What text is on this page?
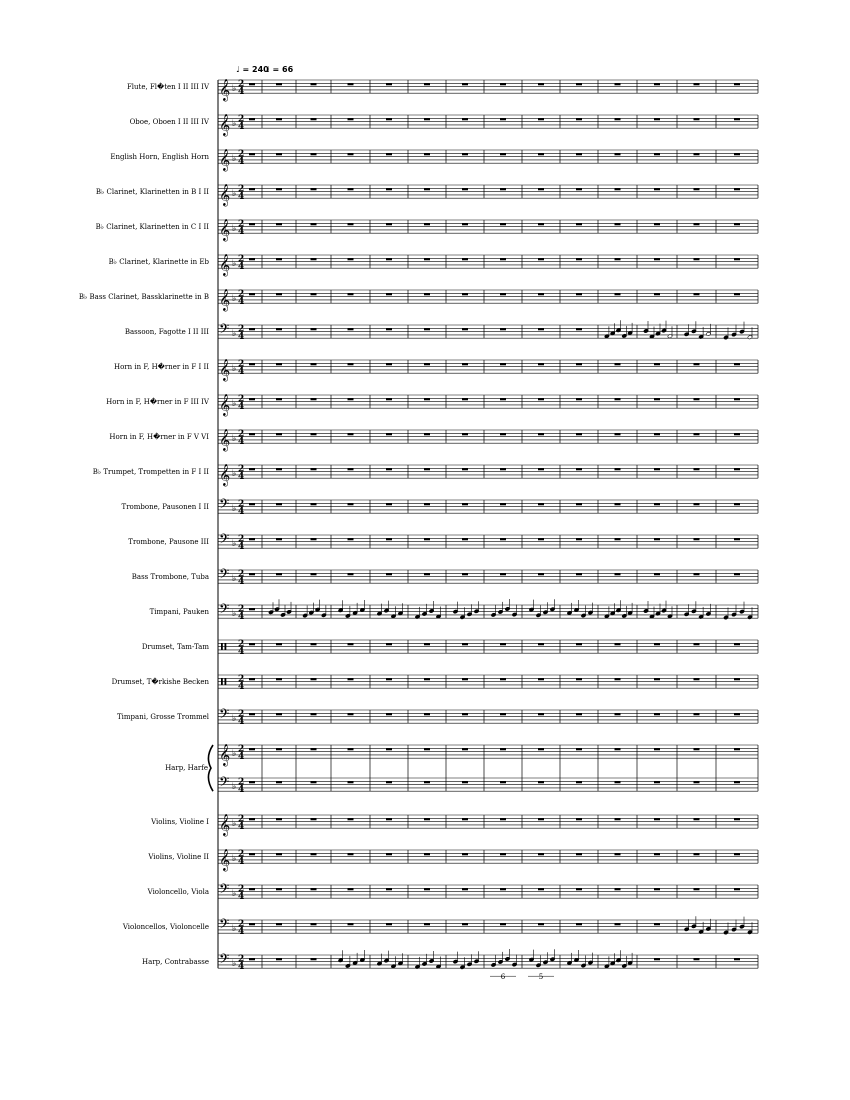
♩ = 240
♩ = 66
Flute, Fl�ten I II III IV 𝄞 ♭ 2
4
Oboe, Oboen I II III IV 𝄞 ♭ 2
4
English Horn, English Horn 𝄞 ♭ 2
4
B♭ Clarinet, Klarinetten in B I II 𝄞 ♭ 2
4
B♭ Clarinet, Klarinetten in C I II 𝄞 ♭ 2
4
B♭ Clarinet, Klarinette in Eb 𝄞 ♭ 2
4
B♭ Bass Clarinet, Bassklarinette in B 𝄞 ♭ 2
4
Bassoon, Fagotte I II III 𝄢 ♭ 2
4
Horn in F, H�rner in F I II 𝄞 ♭ 2
4
Horn in F, H�rner in F III IV 𝄞 ♭ 2
4
Horn in F, H�rner in F V VI 𝄞 ♭ 2
4
B♭ Trumpet, Trompetten in F I II 𝄞 ♭ 2
4
Trombone, Pausonen I II 𝄢 ♭ 2
4
Trombone, Pausone III 𝄢 ♭ 2
4
Bass Trombone, Tuba 𝄢 ♭ 2
4
Timpani, Pauken 𝄢 ♭ 2
4
Drumset, Tam-Tam	2
4
Drumset, T�rkishe Becken	2
4
Timpani, Grosse Trommel 𝄢 ♭ 2
4
𝄞 ♭ 2
4
𝄢 ♭ 2
4
Harp, Harfe
Violins, Violine I 𝄞 ♭ 2
4
Violins, Violine II 𝄞 ♭ 2
4
Violoncello, Viola 𝄢 ♭ 2
4
Violoncellos, Violoncelle 𝄢 ♭ 2
4
Harp, Contrabasse 𝄢 ♭ 2
4
6	5
